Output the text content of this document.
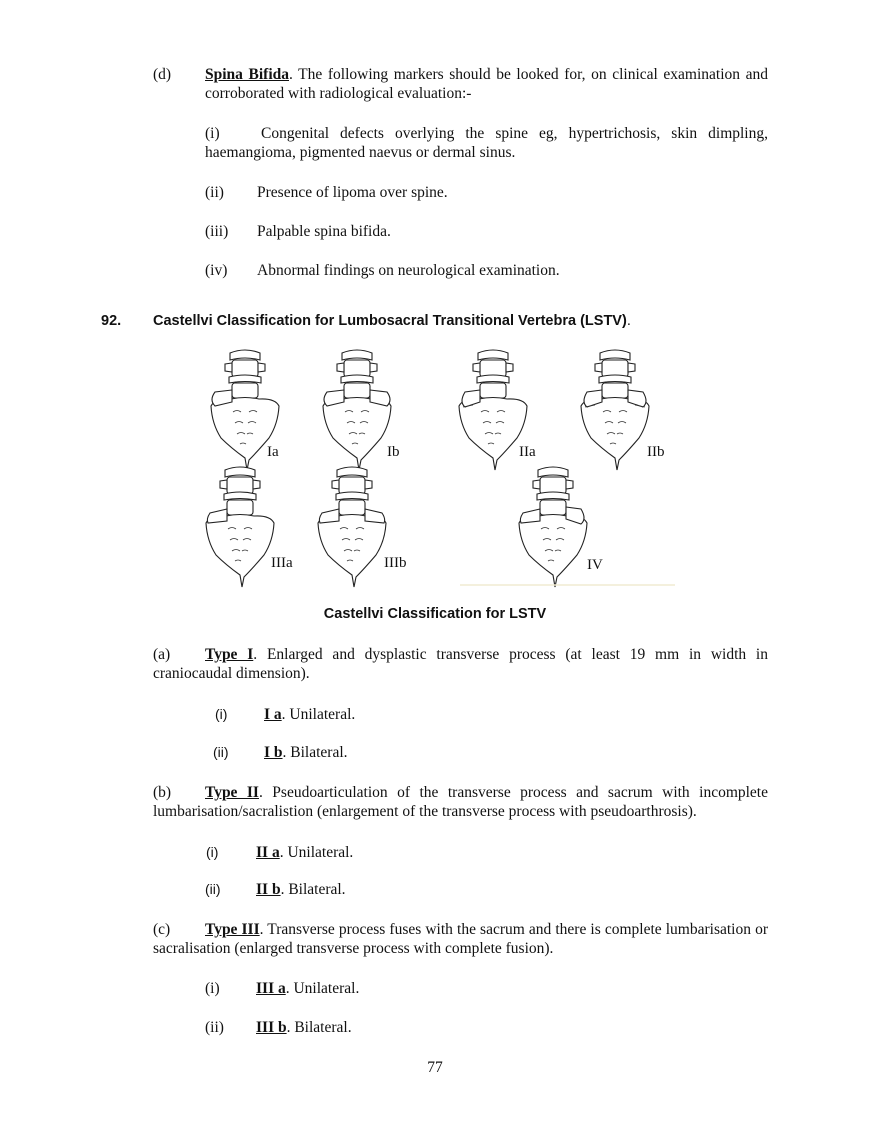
(d) Spina Bifida. The following markers should be looked for, on clinical examination and corroborated with radiological evaluation:-
(i)	Congenital defects overlying the spine eg, hypertrichosis, skin dimpling, haemangioma, pigmented naevus or dermal sinus.
(ii) Presence of lipoma over spine.
(iii) Palpable spina bifida.
(iv) Abnormal findings on neurological examination.
92. Castellvi Classification for Lumbosacral Transitional Vertebra (LSTV).
Ia	Ib	IIa	IIb
IIIa	IIIb	IV
Castellvi Classification for LSTV
(a) Type I. Enlarged and dysplastic transverse process (at least 19 mm in width in craniocaudal dimension).
(i) I a. Unilateral.
(ii) I b. Bilateral.
(b) Type II. Pseudoarticulation of the transverse process and sacrum with incomplete lumbarisation/sacralistion (enlargement of the transverse process with pseudoarthrosis).
(i) II a. Unilateral.
(ii) II b. Bilateral.
(c) Type III. Transverse process fuses with the sacrum and there is complete lumbarisation or sacralisation (enlarged transverse process with complete fusion).
(i) III a. Unilateral.
(ii) III b. Bilateral.
77
